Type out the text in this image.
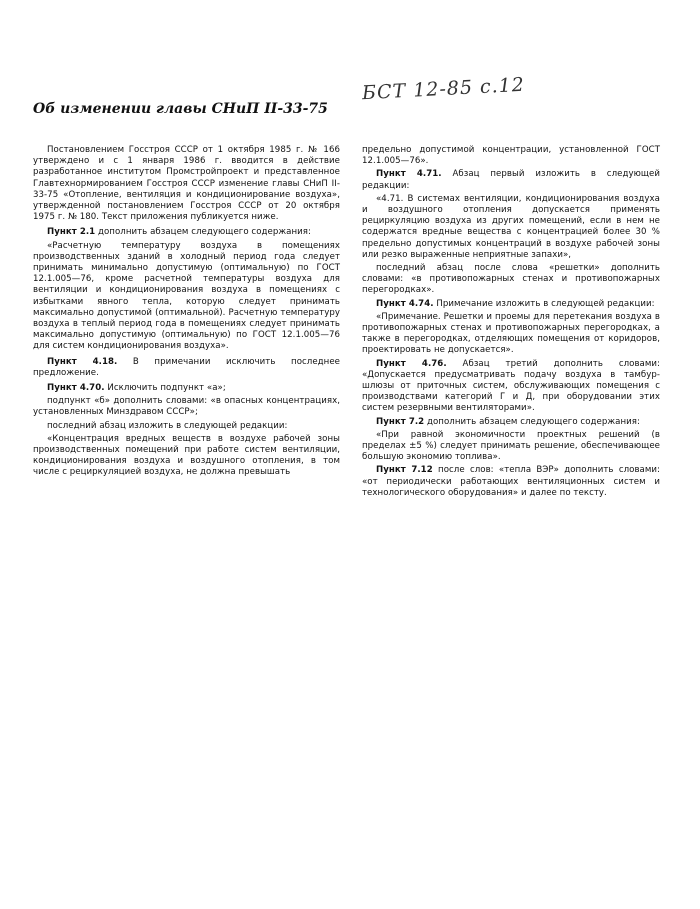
БСТ 12-85 с.12
Об изменении главы СНиП II-33-75

Постановлением Госстроя СССР от 1 октября 1985 г. № 166 утверждено и с 1 января 1986 г. вводится в действие разработанное институтом Промстройпроект и представленное Главтехнормированием Госстроя СССР изменение главы СНиП II-33-75 «Отопление, вентиляция и кондиционирование воздуха», утвержденной постановлением Госстроя СССР от 20 октября 1975 г. № 180. Текст приложения публикуется ниже.

Пункт 2.1 дополнить абзацем следующего содержания:

«Расчетную температуру воздуха в помещениях производственных зданий в холодный период года следует принимать минимально допустимую (оптимальную) по ГОСТ 12.1.005—76, кроме расчетной температуры воздуха для вентиляции и кондиционирования воздуха в помещениях с избытками явного тепла, которую следует принимать максимально допустимой (оптимальной). Расчетную температуру воздуха в теплый период года в помещениях следует принимать максимально допустимую (оптимальную) по ГОСТ 12.1.005—76 для систем кондиционирования воздуха».

Пункт 4.18. В примечании исключить последнее предложение.

Пункт 4.70. Исключить подпункт «а»;

подпункт «б» дополнить словами: «в опасных концентрациях, установленных Минздравом СССР»;

последний абзац изложить в следующей редакции:

«Концентрация вредных веществ в воздухе рабочей зоны производственных помещений при работе систем вентиляции, кондиционирования воздуха и воздушного отопления, в том числе с рециркуляцией воздуха, не должна превышать

предельно допустимой концентрации, установленной ГОСТ 12.1.005—76».

Пункт 4.71. Абзац первый изложить в следующей редакции:

«4.71. В системах вентиляции, кондиционирования воздуха и воздушного отопления допускается применять рециркуляцию воздуха из других помещений, если в нем не содержатся вредные вещества с концентрацией более 30 % предельно допустимых концентраций в воздухе рабочей зоны или резко выраженные неприятные запахи»,

последний абзац после слова «решетки» дополнить словами: «в противопожарных стенах и противопожарных перегородках».

Пункт 4.74. Примечание изложить в следующей редакции:

«Примечание. Решетки и проемы для перетекания воздуха в противопожарных стенах и противопожарных перегородках, а также в перегородках, отделяющих помещения от коридоров, проектировать не допускается».

Пункт 4.76. Абзац третий дополнить словами: «Допускается предусматривать подачу воздуха в тамбур-шлюзы от приточных систем, обслуживающих помещения с производствами категорий Г и Д, при оборудовании этих систем резервными вентиляторами».

Пункт 7.2 дополнить абзацем следующего содержания:

«При равной экономичности проектных решений (в пределах ±5 %) следует принимать решение, обеспечивающее большую экономию топлива».

Пункт 7.12 после слов: «тепла ВЭР» дополнить словами: «от периодически работающих вентиляционных систем и технологического оборудования» и далее по тексту.
